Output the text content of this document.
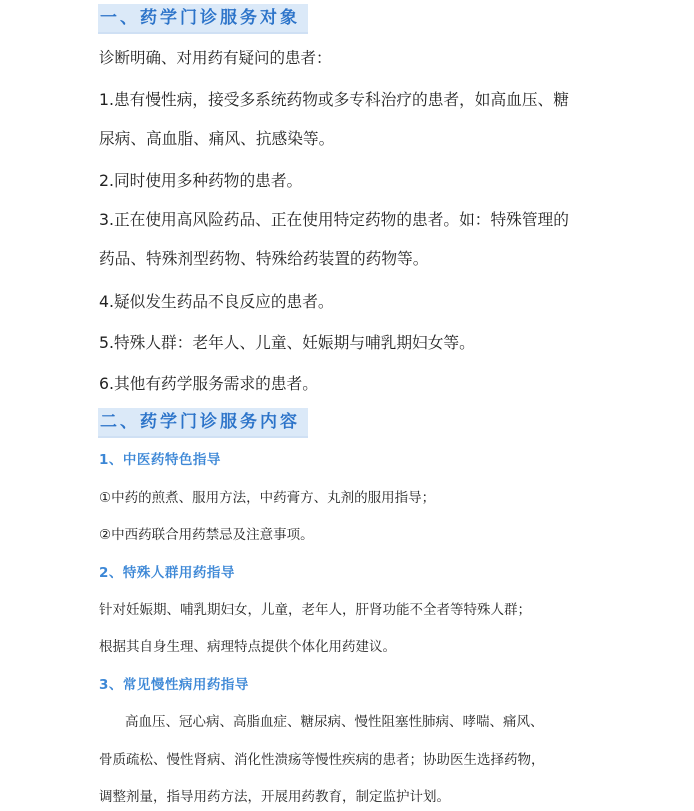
一、药学门诊服务对象
诊断明确、对用药有疑问的患者：
1.患有慢性病，接受多系统药物或多专科治疗的患者，如高血压、糖
尿病、高血脂、痛风、抗感染等。
2.同时使用多种药物的患者。
3.正在使用高风险药品、正在使用特定药物的患者。如：特殊管理的
药品、特殊剂型药物、特殊给药装置的药物等。
4.疑似发生药品不良反应的患者。
5.特殊人群：老年人、儿童、妊娠期与哺乳期妇女等。
6.其他有药学服务需求的患者。
二、药学门诊服务内容
1、中医药特色指导
①中药的煎煮、服用方法，中药膏方、丸剂的服用指导；
②中西药联合用药禁忌及注意事项。
2、特殊人群用药指导
针对妊娠期、哺乳期妇女，儿童，老年人，肝肾功能不全者等特殊人群；
根据其自身生理、病理特点提供个体化用药建议。
3、常见慢性病用药指导
高血压、冠心病、高脂血症、糖尿病、慢性阻塞性肺病、哮喘、痛风、
骨质疏松、慢性肾病、消化性溃疡等慢性疾病的患者；协助医生选择药物，
调整剂量，指导用药方法，开展用药教育，制定监护计划。
